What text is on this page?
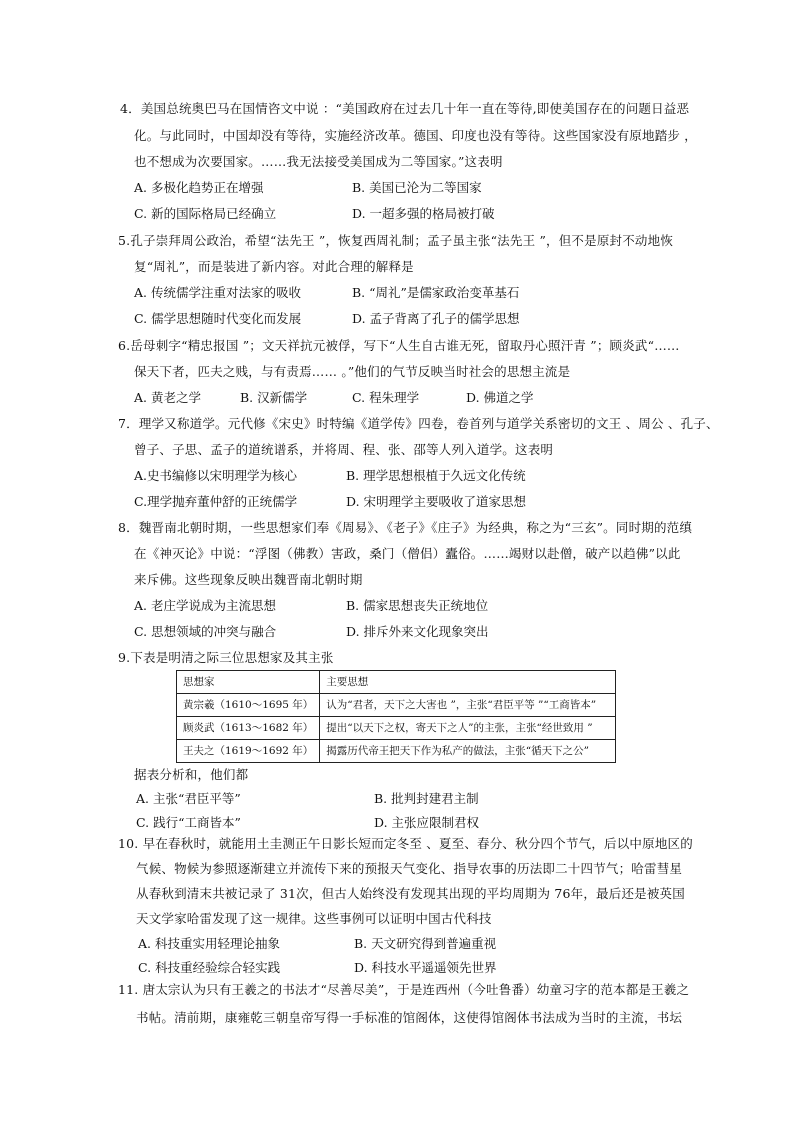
4．美国总统奥巴马在国情咨文中说 ：“美国政府在过去几十年一直在等待,即使美国存在的问题日益恶
化。与此同时，中国却没有等待，实施经济改革。德国、印度也没有等待。这些国家没有原地踏步 ，
也不想成为次要国家。……我无法接受美国成为二等国家。”这表明
A. 多极化趋势正在增强	B. 美国已沦为二等国家
C. 新的国际格局已经确立	D. 一超多强的格局被打破
5.孔子崇拜周公政治，希望“法先王 ”，恢复西周礼制；孟子虽主张“法先王 ”，但不是原封不动地恢
复“周礼”，而是装进了新内容。对此合理的解释是
A. 传统儒学注重对法家的吸收	B. “周礼”是儒家政治变革基石
C. 儒学思想随时代变化而发展	D. 孟子背离了孔子的儒学思想
6.岳母刺字“精忠报国 ”；文天祥抗元被俘，写下“人生自古谁无死，留取丹心照汗青 ”；顾炎武“……
保天下者，匹夫之贱，与有责焉…… 。”他们的气节反映当时社会的思想主流是
A. 黄老之学	B. 汉新儒学	C. 程朱理学	D. 佛道之学
7．理学又称道学。元代修《宋史》时特编《道学传》四卷，卷首列与道学关系密切的文王 、周公 、孔子、
曾子、子思、孟子的道统谱系，并将周、程、张、邵等人列入道学。这表明
A.史书编修以宋明理学为核心	B. 理学思想根植于久远文化传统
C.理学抛弃董仲舒的正统儒学	D. 宋明理学主要吸收了道家思想
8．魏晋南北朝时期，一些思想家们奉《周易》、《老子》《庄子》为经典，称之为“三玄”。同时期的范缜
在《神灭论》中说：“浮图（佛教）害政，桑门（僧侣）蠹俗。……竭财以赴僧，破产以趋佛”以此
来斥佛。这些现象反映出魏晋南北朝时期
A. 老庄学说成为主流思想	B. 儒家思想丧失正统地位
C. 思想领域的冲突与融合	D. 排斥外来文化现象突出
9.下表是明清之际三位思想家及其主张
思想家	主要思想
黄宗羲（1610～1695 年）	认为“君者，天下之大害也 ”，主张“君臣平等 ”“工商皆本”
顾炎武（1613～1682 年）	提出“以天下之权，寄天下之人”的主张，主张“经世致用 ”
王夫之（1619～1692 年）	揭露历代帝王把天下作为私产的做法，主张“循天下之公”
据表分析和，他们都
A. 主张“君臣平等”	B. 批判封建君主制
C. 践行“工商皆本”	D. 主张应限制君权
10. 早在春秋时，就能用土圭测正午日影长短而定冬至 、夏至、春分、秋分四个节气，后以中原地区的
气候、物候为参照逐渐建立并流传下来的预报天气变化、指导农事的历法即二十四节气；哈雷彗星
从春秋到清末共被记录了 31次，但古人始终没有发现其出现的平均周期为 76年，最后还是被英国
天文学家哈雷发现了这一规律。这些事例可以证明中国古代科技
A. 科技重实用轻理论抽象	B. 天文研究得到普遍重视
C. 科技重经验综合轻实践	D. 科技水平遥遥领先世界
11. 唐太宗认为只有王羲之的书法才“尽善尽美”，于是连西州（今吐鲁番）幼童习字的范本都是王羲之
书帖。清前期，康雍乾三朝皇帝写得一手标准的馆阁体，这使得馆阁体书法成为当时的主流，书坛
